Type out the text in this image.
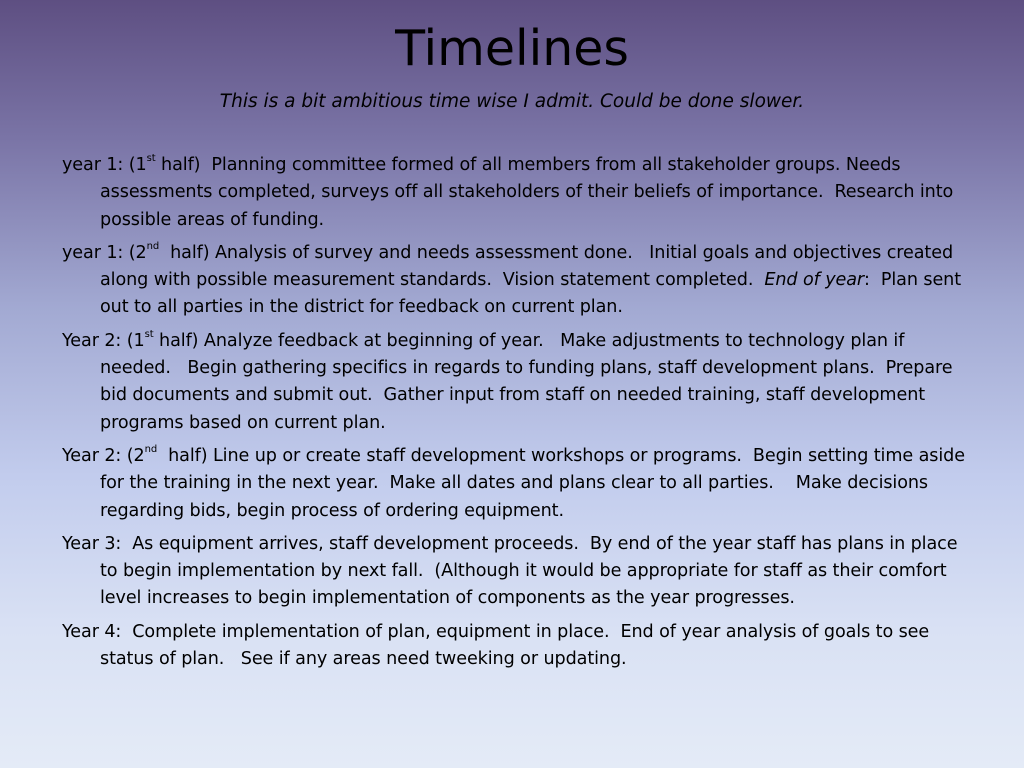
Timelines

This is a bit ambitious time wise I admit. Could be done slower.

year 1: (1st half)  Planning committee formed of all members from all stakeholder groups. Needs assessments completed, surveys off all stakeholders of their beliefs of importance.  Research into possible areas of funding.

year 1: (2nd  half) Analysis of survey and needs assessment done.   Initial goals and objectives created along with possible measurement standards.  Vision statement completed.  End of year:  Plan sent out to all parties in the district for feedback on current plan.

Year 2: (1st half) Analyze feedback at beginning of year.   Make adjustments to technology plan if needed.   Begin gathering specifics in regards to funding plans, staff development plans.  Prepare bid documents and submit out.  Gather input from staff on needed training, staff development programs based on current plan.

Year 2: (2nd  half) Line up or create staff development workshops or programs.  Begin setting time aside for the training in the next year.  Make all dates and plans clear to all parties.    Make decisions regarding bids, begin process of ordering equipment.

Year 3:  As equipment arrives, staff development proceeds.  By end of the year staff has plans in place to begin implementation by next fall.  (Although it would be appropriate for staff as their comfort level increases to begin implementation of components as the year progresses.

Year 4:  Complete implementation of plan, equipment in place.  End of year analysis of goals to see status of plan.   See if any areas need tweeking or updating.
